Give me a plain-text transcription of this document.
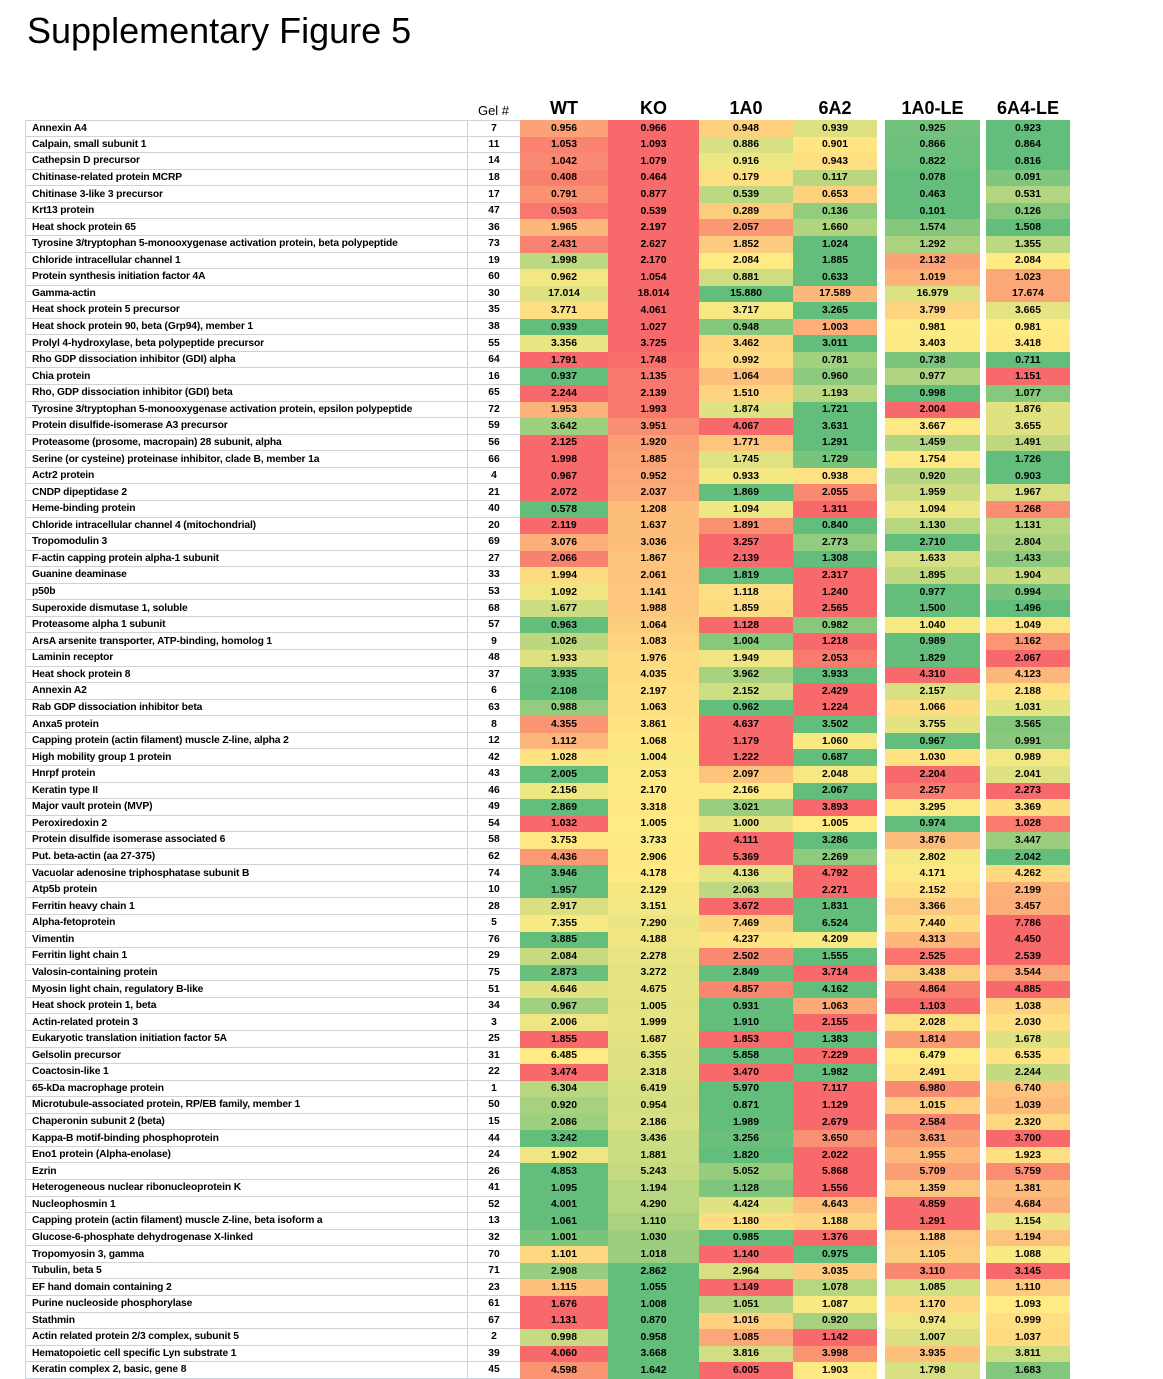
Supplementary Figure 5
Gel #	WT	KO	1A0	6A2	1A0-LE	6A4-LE
Annexin A4	7	0.956	0.966	0.948	0.939	0.925	0.923
Calpain, small subunit 1	11	1.053	1.093	0.886	0.901	0.866	0.864
Cathepsin D precursor	14	1.042	1.079	0.916	0.943	0.822	0.816
Chitinase-related protein MCRP	18	0.408	0.464	0.179	0.117	0.078	0.091
Chitinase 3-like 3 precursor	17	0.791	0.877	0.539	0.653	0.463	0.531
Krt13 protein	47	0.503	0.539	0.289	0.136	0.101	0.126
Heat shock protein 65	36	1.965	2.197	2.057	1.660	1.574	1.508
Tyrosine 3/tryptophan 5-monooxygenase activation protein, beta polypeptide	73	2.431	2.627	1.852	1.024	1.292	1.355
Chloride intracellular channel 1	19	1.998	2.170	2.084	1.885	2.132	2.084
Protein synthesis initiation factor 4A	60	0.962	1.054	0.881	0.633	1.019	1.023
Gamma-actin	30	17.014	18.014	15.880	17.589	16.979	17.674
Heat shock protein 5 precursor	35	3.771	4.061	3.717	3.265	3.799	3.665
Heat shock protein 90, beta (Grp94), member 1	38	0.939	1.027	0.948	1.003	0.981	0.981
Prolyl 4-hydroxylase, beta polypeptide precursor	55	3.356	3.725	3.462	3.011	3.403	3.418
Rho GDP dissociation inhibitor (GDI) alpha	64	1.791	1.748	0.992	0.781	0.738	0.711
Chia protein	16	0.937	1.135	1.064	0.960	0.977	1.151
Rho, GDP dissociation inhibitor (GDI) beta	65	2.244	2.139	1.510	1.193	0.998	1.077
Tyrosine 3/tryptophan 5-monooxygenase activation protein, epsilon polypeptide	72	1.953	1.993	1.874	1.721	2.004	1.876
Protein disulfide-isomerase A3 precursor	59	3.642	3.951	4.067	3.631	3.667	3.655
Proteasome (prosome, macropain) 28 subunit, alpha	56	2.125	1.920	1.771	1.291	1.459	1.491
Serine (or cysteine) proteinase inhibitor, clade B, member 1a	66	1.998	1.885	1.745	1.729	1.754	1.726
Actr2 protein	4	0.967	0.952	0.933	0.938	0.920	0.903
CNDP dipeptidase 2	21	2.072	2.037	1.869	2.055	1.959	1.967
Heme-binding protein	40	0.578	1.208	1.094	1.311	1.094	1.268
Chloride intracellular channel 4 (mitochondrial)	20	2.119	1.637	1.891	0.840	1.130	1.131
Tropomodulin 3	69	3.076	3.036	3.257	2.773	2.710	2.804
F-actin capping protein alpha-1 subunit	27	2.066	1.867	2.139	1.308	1.633	1.433
Guanine deaminase	33	1.994	2.061	1.819	2.317	1.895	1.904
p50b	53	1.092	1.141	1.118	1.240	0.977	0.994
Superoxide dismutase 1, soluble	68	1.677	1.988	1.859	2.565	1.500	1.496
Proteasome alpha 1 subunit	57	0.963	1.064	1.128	0.982	1.040	1.049
ArsA arsenite transporter, ATP-binding, homolog 1	9	1.026	1.083	1.004	1.218	0.989	1.162
Laminin receptor	48	1.933	1.976	1.949	2.053	1.829	2.067
Heat shock protein 8	37	3.935	4.035	3.962	3.933	4.310	4.123
Annexin A2	6	2.108	2.197	2.152	2.429	2.157	2.188
Rab GDP dissociation inhibitor beta	63	0.988	1.063	0.962	1.224	1.066	1.031
Anxa5 protein	8	4.355	3.861	4.637	3.502	3.755	3.565
Capping protein (actin filament) muscle Z-line, alpha 2	12	1.112	1.068	1.179	1.060	0.967	0.991
High mobility group 1 protein	42	1.028	1.004	1.222	0.687	1.030	0.989
Hnrpf protein	43	2.005	2.053	2.097	2.048	2.204	2.041
Keratin type II	46	2.156	2.170	2.166	2.067	2.257	2.273
Major vault protein (MVP)	49	2.869	3.318	3.021	3.893	3.295	3.369
Peroxiredoxin 2	54	1.032	1.005	1.000	1.005	0.974	1.028
Protein disulfide isomerase associated 6	58	3.753	3.733	4.111	3.286	3.876	3.447
Put. beta-actin (aa 27-375)	62	4.436	2.906	5.369	2.269	2.802	2.042
Vacuolar adenosine triphosphatase subunit B	74	3.946	4.178	4.136	4.792	4.171	4.262
Atp5b protein	10	1.957	2.129	2.063	2.271	2.152	2.199
Ferritin heavy chain 1	28	2.917	3.151	3.672	1.831	3.366	3.457
Alpha-fetoprotein	5	7.355	7.290	7.469	6.524	7.440	7.786
Vimentin	76	3.885	4.188	4.237	4.209	4.313	4.450
Ferritin light chain 1	29	2.084	2.278	2.502	1.555	2.525	2.539
Valosin-containing protein	75	2.873	3.272	2.849	3.714	3.438	3.544
Myosin light chain, regulatory B-like	51	4.646	4.675	4.857	4.162	4.864	4.885
Heat shock protein 1, beta	34	0.967	1.005	0.931	1.063	1.103	1.038
Actin-related protein 3	3	2.006	1.999	1.910	2.155	2.028	2.030
Eukaryotic translation initiation factor 5A	25	1.855	1.687	1.853	1.383	1.814	1.678
Gelsolin precursor	31	6.485	6.355	5.858	7.229	6.479	6.535
Coactosin-like 1	22	3.474	2.318	3.470	1.982	2.491	2.244
65-kDa macrophage protein	1	6.304	6.419	5.970	7.117	6.980	6.740
Microtubule-associated protein, RP/EB family, member 1	50	0.920	0.954	0.871	1.129	1.015	1.039
Chaperonin subunit 2 (beta)	15	2.086	2.186	1.989	2.679	2.584	2.320
Kappa-B motif-binding phosphoprotein	44	3.242	3.436	3.256	3.650	3.631	3.700
Eno1 protein (Alpha-enolase)	24	1.902	1.881	1.820	2.022	1.955	1.923
Ezrin	26	4.853	5.243	5.052	5.868	5.709	5.759
Heterogeneous nuclear ribonucleoprotein K	41	1.095	1.194	1.128	1.556	1.359	1.381
Nucleophosmin 1	52	4.001	4.290	4.424	4.643	4.859	4.684
Capping protein (actin filament) muscle Z-line, beta isoform a	13	1.061	1.110	1.180	1.188	1.291	1.154
Glucose-6-phosphate dehydrogenase X-linked	32	1.001	1.030	0.985	1.376	1.188	1.194
Tropomyosin 3, gamma	70	1.101	1.018	1.140	0.975	1.105	1.088
Tubulin, beta 5	71	2.908	2.862	2.964	3.035	3.110	3.145
EF hand domain containing 2	23	1.115	1.055	1.149	1.078	1.085	1.110
Purine nucleoside phosphorylase	61	1.676	1.008	1.051	1.087	1.170	1.093
Stathmin	67	1.131	0.870	1.016	0.920	0.974	0.999
Actin related protein 2/3 complex, subunit 5	2	0.998	0.958	1.085	1.142	1.007	1.037
Hematopoietic cell specific Lyn substrate 1	39	4.060	3.668	3.816	3.998	3.935	3.811
Keratin complex 2, basic, gene 8	45	4.598	1.642	6.005	1.903	1.798	1.683
